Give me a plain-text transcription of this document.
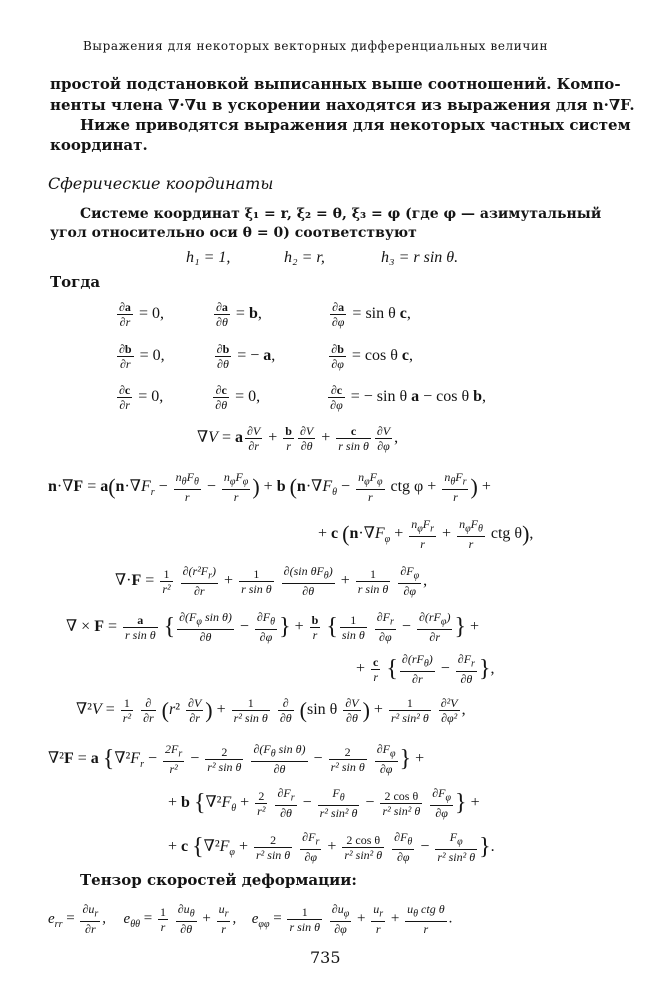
Выражения для некоторых векторных дифференциальных величин
простой подстановкой выписанных выше соотношений. Компо-
ненты члена ∇·∇u в ускорении находятся из выражения для n·∇F.
Ниже приводятся выражения для некоторых частных систем
координат.
Сферические координаты
Системе координат ξ₁ = r, ξ₂ = θ, ξ₃ = φ (где φ — азимутальный
угол относительно оси θ = 0) соответствуют
h₁ = 1,	h₂ = r,	h₃ = r sin θ.
Тогда
$\frac{\partial a}{\partial r} = 0$,	$\frac{\partial a}{\partial\theta} = b$,	$\frac{\partial a}{\partial\varphi} = \sin \theta$ c,
$\frac{\partial b}{\partial r} = 0$,	$\frac{\partial b}{\partial\theta}$ = − a,	$\frac{\partial b}{\partial\varphi} = \cos \theta$ c,
$\frac{\partial c}{\partial r} = 0$,	$\frac{\partial c}{\partial\theta} = 0$,	$\frac{\partial c}{\partial\varphi}$ = − sin θ a − cos θ b,
∇V = a $\frac{\partial V}{\partial r} + \frac{b}{r} \frac{\partial V}{\partial\theta} + \frac{c}{\text{r sin θ}} \frac{\partial V}{\partial\varphi}$ ,
$n\cdot\nabla F = a(n\cdot\nabla F_r$ −
$n_\theta F_\theta$
r
−
$n_\varphi F_\varphi$
r ) + b ($n\cdot\nabla F_\theta$ −
$n_\varphi F_\varphi$
r
ctg φ +
$n_\theta F_r$
r ) +
+ c ($n\cdot\nabla F_\varphi$ +
$n_\varphi F_r$
r
+
$n_\varphi F_\theta$
r
ctg θ),
$\nabla\cdot F = \frac{1}{\text{r²}}$
$\frac{\partial(r^2F_r)}{\partial r} + \frac{1}{\text{r sin θ}}$
∂(sin $\theta F_\theta$)
∂θ
+ $\frac{1}{\text{r sin θ}}$
$\frac{\partial F_\varphi}{\partial\varphi}$ ,
∇ × $F = \frac{a}{\text{r sin θ}}$ { $\frac{\partial(F_\varphi \sin \theta)}{\partial\theta} - \frac{\partial F_\theta}{\partial\varphi}$ } + $\frac{b}{r}$ { $\frac{1}{\text{sin θ}}$
$\frac{\partial F_r}{\partial\varphi}$ −
$\partial(rF_\varphi)$
∂r } +
+ $\frac{c}{r}$ { $\partial(rF_\theta)$
∂r
− $\frac{\partial F_r}{\partial\theta}$ },
$\nabla^2V = \frac{1}{\text{r²}}$
	∂
∂r ($r^2 \frac{\partial V}{\partial r}$ ) + $\frac{1}{\text{r² sin θ}}$
	∂
∂θ (sin θ $\frac{\partial V}{\partial\theta}$ ) + $\frac{1}{\text{r² sin² θ}}$
$\frac{\text{∂²V}}{\text{∂φ²}}$ ,
∇²F = a {$\nabla^2F_r - \frac{2F_r}{\text{r²}} - \frac{2}{\text{r² sin θ}}$
$\frac{\partial(F_\theta \sin \theta)}{\partial\theta} - \frac{2}{\text{r² sin θ}}$
$\frac{\partial F_\varphi}{\partial\varphi}$ } +
+ b {$\nabla^2F_\theta + \frac{2}{\text{r²}}$
$\frac{\partial F_r}{\partial\theta} - \frac{F_\theta}{\text{r² sin² θ}} - \frac{\text{2 cos θ}}{\text{r² sin² θ}}$
$\frac{\partial F_\varphi}{\partial\varphi}$ } +
+ c {$\nabla^2F_\varphi + \frac{2}{\text{r² sin θ}}$
$\frac{\partial F_r}{\partial\varphi} + \frac{\text{2 cos θ}}{\text{r² sin² θ}}$
$\frac{\partial F_\theta}{\partial\varphi} - \frac{F_\varphi}{\text{r² sin² θ}}$ }.
Тензор скоростей деформации:
$e_{rr} = \frac{\partial u_r}{\partial r}$ ,  $e_{\theta\theta} = \frac{1}{r}$
$\frac{\partial u_\theta}{\partial\theta} + \frac{u_r}{r}$ ,  $e_{\varphi\varphi} = \frac{1}{\text{r sin θ}}$
$\frac{\partial u_\varphi}{\partial\varphi} + \frac{u_r}{r}$ +
$u_\theta$ ctg θ
r
.
735
